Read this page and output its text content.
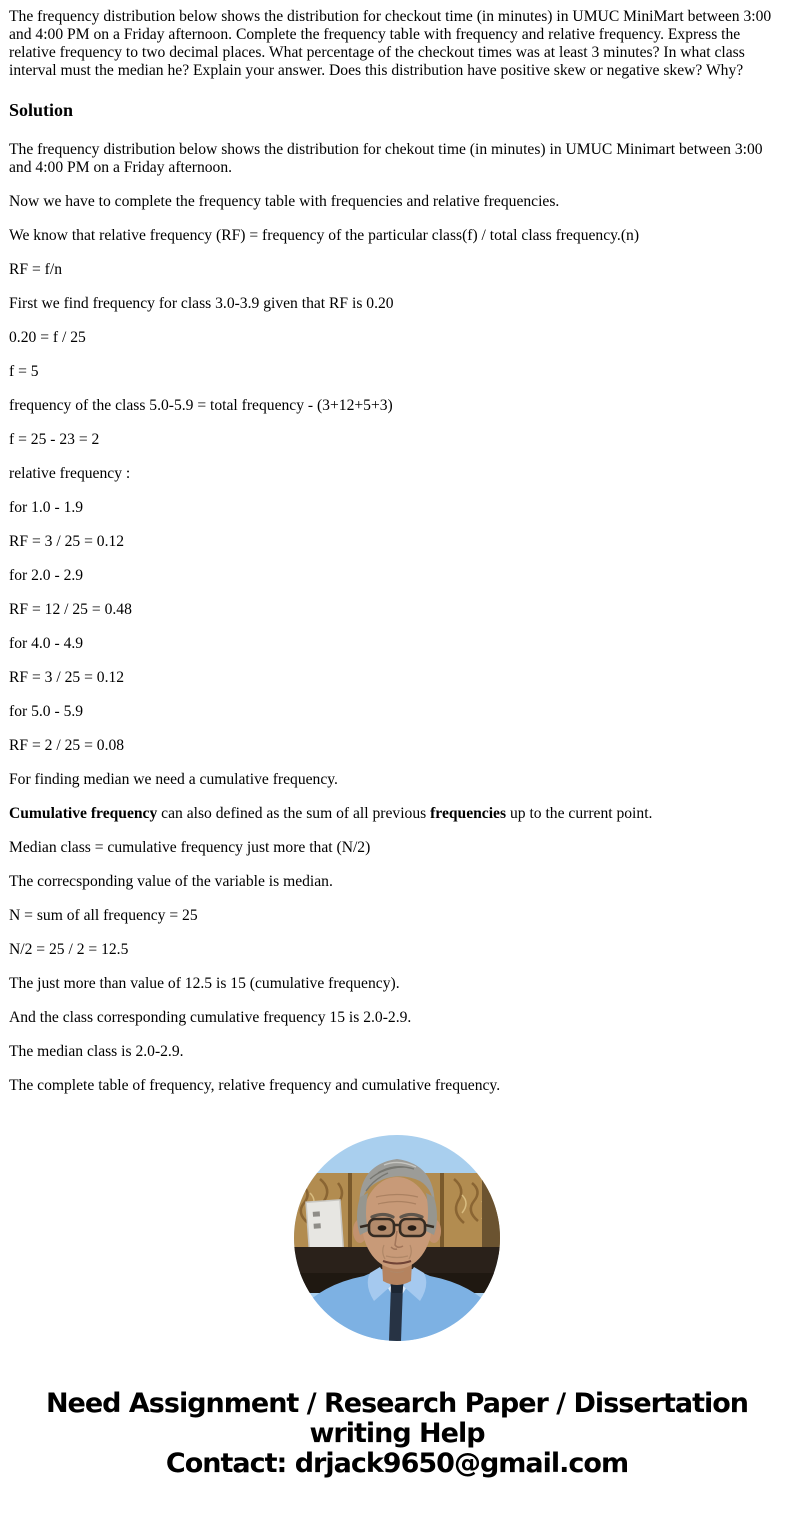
The frequency distribution below shows the distribution for checkout time (in minutes) in UMUC MiniMart between 3:00 and 4:00 PM on a Friday afternoon. Complete the frequency table with frequency and relative frequency. Express the relative frequency to two decimal places. What percentage of the checkout times was at least 3 minutes? In what class interval must the median he? Explain your answer. Does this distribution have positive skew or negative skew? Why?

Solution

The frequency distribution below shows the distribution for chekout time (in minutes) in UMUC Minimart between 3:00 and 4:00 PM on a Friday afternoon.

Now we have to complete the frequency table with frequencies and relative frequencies.

We know that relative frequency (RF) = frequency of the particular class(f) / total class frequency.(n)

RF = f/n

First we find frequency for class 3.0-3.9 given that RF is 0.20

0.20 = f / 25

f = 5

frequency of the class 5.0-5.9 = total frequency - (3+12+5+3)

f = 25 - 23 = 2

relative frequency :

for 1.0 - 1.9

RF = 3 / 25 = 0.12

for 2.0 - 2.9

RF = 12 / 25 = 0.48

for 4.0 - 4.9

RF = 3 / 25 = 0.12

for 5.0 - 5.9

RF = 2 / 25 = 0.08

For finding median we need a cumulative frequency.

Cumulative frequency can also defined as the sum of all previous frequencies up to the current point.

Median class = cumulative frequency just more that (N/2)

The correcsponding value of the variable is median.

N = sum of all frequency = 25

N/2 = 25 / 2 = 12.5

The just more than value of 12.5 is 15 (cumulative frequency).

And the class corresponding cumulative frequency 15 is 2.0-2.9.

The median class is 2.0-2.9.

The complete table of frequency, relative frequency and cumulative frequency.

Need Assignment / Research Paper / Dissertation
writing Help
Contact: drjack9650@gmail.com
